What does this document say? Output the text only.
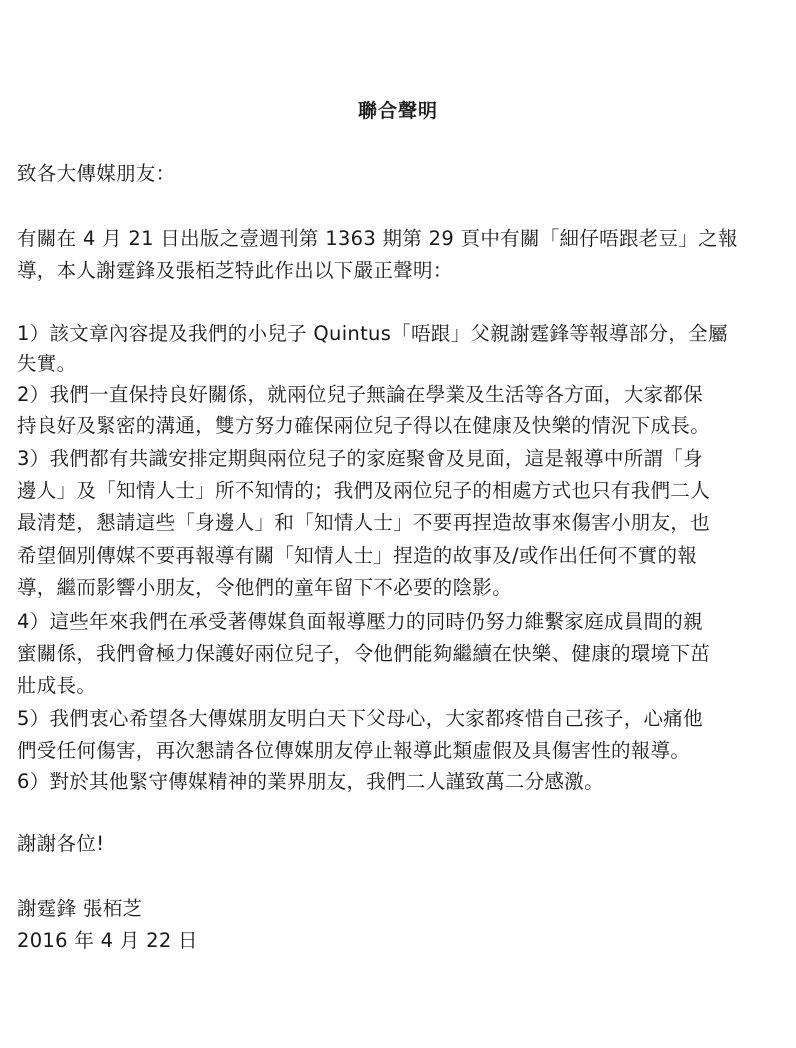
聯合聲明
致各大傳媒朋友：
有關在 4 月 21 日出版之壹週刊第 1363 期第 29 頁中有關「細仔唔跟老豆」之報
導，本人謝霆鋒及張栢芝特此作出以下嚴正聲明：
1）該文章內容提及我們的小兒子 Quintus「唔跟」父親謝霆鋒等報導部分，全屬
失實。
2）我們一直保持良好關係，就兩位兒子無論在學業及生活等各方面，大家都保
持良好及緊密的溝通，雙方努力確保兩位兒子得以在健康及快樂的情況下成長。
3）我們都有共識安排定期與兩位兒子的家庭聚會及見面，這是報導中所謂「身
邊人」及「知情人士」所不知情的；我們及兩位兒子的相處方式也只有我們二人
最清楚，懇請這些「身邊人」和「知情人士」不要再捏造故事來傷害小朋友，也
希望個別傳媒不要再報導有關「知情人士」捏造的故事及/或作出任何不實的報
導，繼而影響小朋友，令他們的童年留下不必要的陰影。
4）這些年來我們在承受著傳媒負面報導壓力的同時仍努力維繫家庭成員間的親
蜜關係，我們會極力保護好兩位兒子，令他們能夠繼續在快樂、健康的環境下茁
壯成長。
5）我們衷心希望各大傳媒朋友明白天下父母心，大家都疼惜自己孩子，心痛他
們受任何傷害，再次懇請各位傳媒朋友停止報導此類虛假及具傷害性的報導。
6）對於其他緊守傳媒精神的業界朋友，我們二人謹致萬二分感激。
謝謝各位!
謝霆鋒 張栢芝
2016 年 4 月 22 日
